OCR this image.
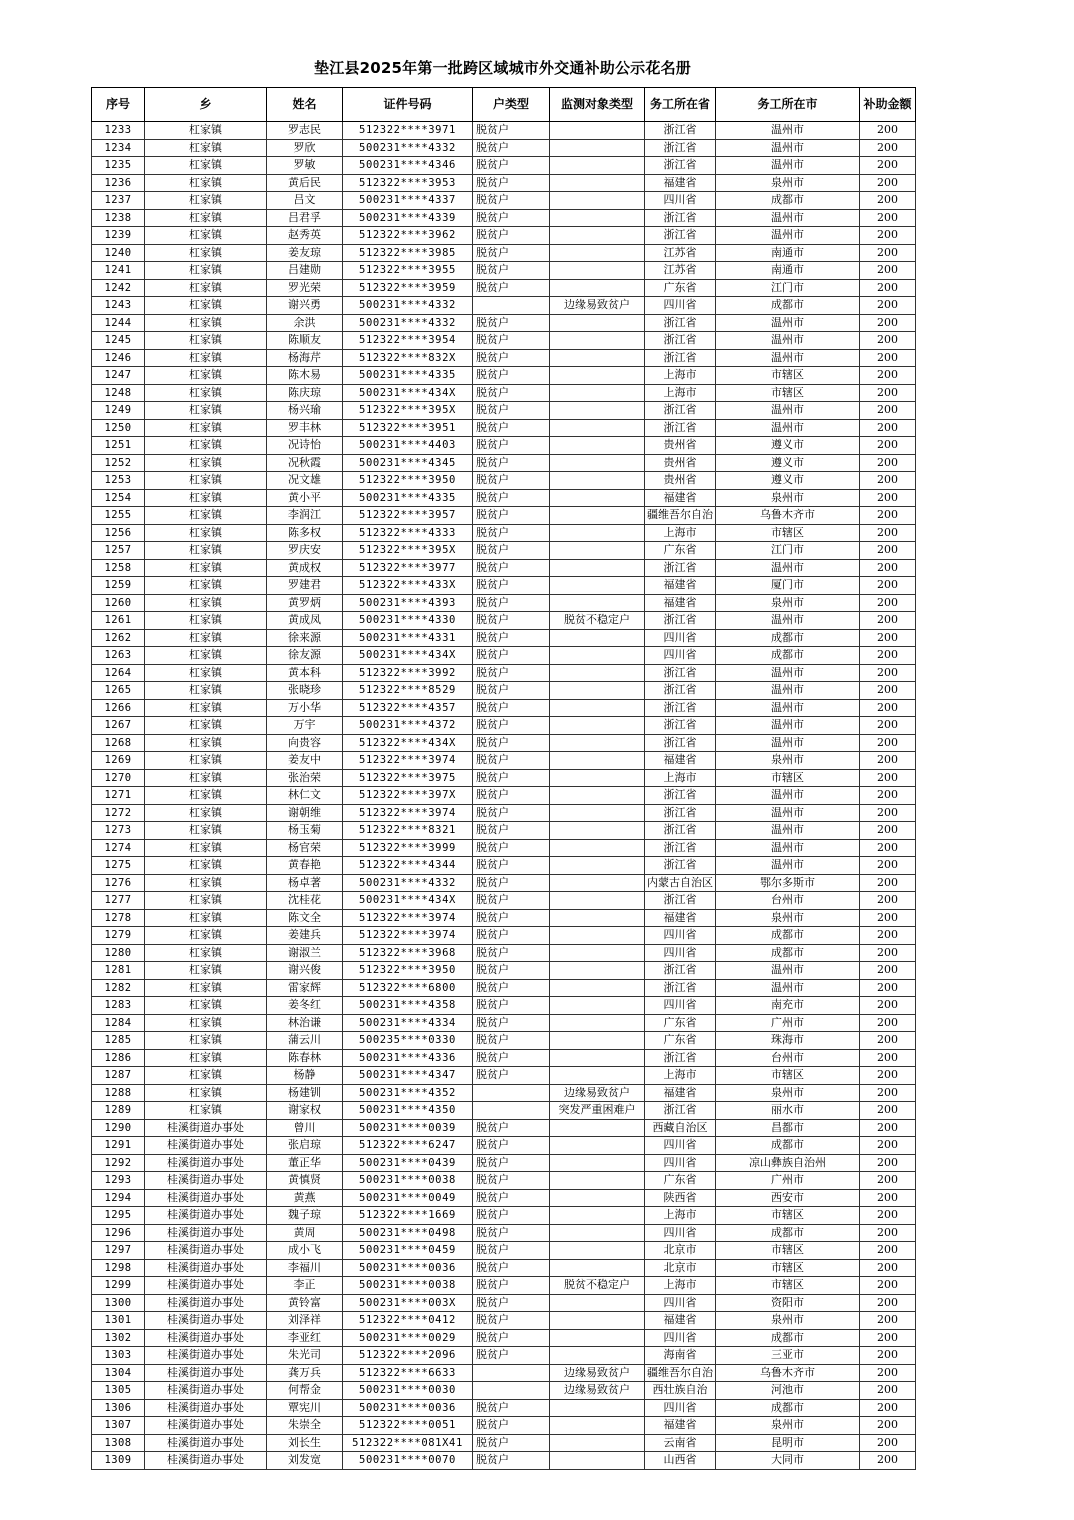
垫江县2025年第一批跨区域城市外交通补助公示花名册
序号	乡	姓名	证件号码	户类型	监测对象类型	务工所在省	务工所在市	补助金额
1233	杠家镇	罗志民	512322****3971	脱贫户		浙江省	温州市	200
1234	杠家镇	罗欣	500231****4332	脱贫户		浙江省	温州市	200
1235	杠家镇	罗敏	500231****4346	脱贫户		浙江省	温州市	200
1236	杠家镇	黄后民	512322****3953	脱贫户		福建省	泉州市	200
1237	杠家镇	吕文	500231****4337	脱贫户		四川省	成都市	200
1238	杠家镇	吕君孚	500231****4339	脱贫户		浙江省	温州市	200
1239	杠家镇	赵秀英	512322****3962	脱贫户		浙江省	温州市	200
1240	杠家镇	姜友琼	512322****3985	脱贫户		江苏省	南通市	200
1241	杠家镇	吕建勋	512322****3955	脱贫户		江苏省	南通市	200
1242	杠家镇	罗光荣	512322****3959	脱贫户		广东省	江门市	200
1243	杠家镇	谢兴勇	500231****4332		边缘易致贫户	四川省	成都市	200
1244	杠家镇	余洪	500231****4332	脱贫户		浙江省	温州市	200
1245	杠家镇	陈顺友	512322****3954	脱贫户		浙江省	温州市	200
1246	杠家镇	杨海芹	512322****832X	脱贫户		浙江省	温州市	200
1247	杠家镇	陈木易	500231****4335	脱贫户		上海市	市辖区	200
1248	杠家镇	陈庆琼	500231****434X	脱贫户		上海市	市辖区	200
1249	杠家镇	杨兴瑜	512322****395X	脱贫户		浙江省	温州市	200
1250	杠家镇	罗丰林	512322****3951	脱贫户		浙江省	温州市	200
1251	杠家镇	况诗怡	500231****4403	脱贫户		贵州省	遵义市	200
1252	杠家镇	况秋霞	500231****4345	脱贫户		贵州省	遵义市	200
1253	杠家镇	况文雄	512322****3950	脱贫户		贵州省	遵义市	200
1254	杠家镇	黄小平	500231****4335	脱贫户		福建省	泉州市	200
1255	杠家镇	李润江	512322****3957	脱贫户		疆维吾尔自治	乌鲁木齐市	200
1256	杠家镇	陈多权	512322****4333	脱贫户		上海市	市辖区	200
1257	杠家镇	罗庆安	512322****395X	脱贫户		广东省	江门市	200
1258	杠家镇	黄成权	512322****3977	脱贫户		浙江省	温州市	200
1259	杠家镇	罗建君	512322****433X	脱贫户		福建省	厦门市	200
1260	杠家镇	黄罗炳	500231****4393	脱贫户		福建省	泉州市	200
1261	杠家镇	黄成凤	500231****4330	脱贫户	脱贫不稳定户	浙江省	温州市	200
1262	杠家镇	徐来源	500231****4331	脱贫户		四川省	成都市	200
1263	杠家镇	徐友源	500231****434X	脱贫户		四川省	成都市	200
1264	杠家镇	黄本科	512322****3992	脱贫户		浙江省	温州市	200
1265	杠家镇	张晓珍	512322****8529	脱贫户		浙江省	温州市	200
1266	杠家镇	万小华	512322****4357	脱贫户		浙江省	温州市	200
1267	杠家镇	万宇	500231****4372	脱贫户		浙江省	温州市	200
1268	杠家镇	向贵容	512322****434X	脱贫户		浙江省	温州市	200
1269	杠家镇	姜友中	512322****3974	脱贫户		福建省	泉州市	200
1270	杠家镇	张治荣	512322****3975	脱贫户		上海市	市辖区	200
1271	杠家镇	林仁文	512322****397X	脱贫户		浙江省	温州市	200
1272	杠家镇	谢朝维	512322****3974	脱贫户		浙江省	温州市	200
1273	杠家镇	杨玉菊	512322****8321	脱贫户		浙江省	温州市	200
1274	杠家镇	杨官荣	512322****3999	脱贫户		浙江省	温州市	200
1275	杠家镇	黄春艳	512322****4344	脱贫户		浙江省	温州市	200
1276	杠家镇	杨卓著	500231****4332	脱贫户		内蒙古自治区	鄂尔多斯市	200
1277	杠家镇	沈桂花	500231****434X	脱贫户		浙江省	台州市	200
1278	杠家镇	陈文全	512322****3974	脱贫户		福建省	泉州市	200
1279	杠家镇	姜建兵	512322****3974	脱贫户		四川省	成都市	200
1280	杠家镇	谢淑兰	512322****3968	脱贫户		四川省	成都市	200
1281	杠家镇	谢兴俊	512322****3950	脱贫户		浙江省	温州市	200
1282	杠家镇	雷家辉	512322****6800	脱贫户		浙江省	温州市	200
1283	杠家镇	姜冬红	500231****4358	脱贫户		四川省	南充市	200
1284	杠家镇	林治谦	500231****4334	脱贫户		广东省	广州市	200
1285	杠家镇	蒲云川	500235****0330	脱贫户		广东省	珠海市	200
1286	杠家镇	陈春林	500231****4336	脱贫户		浙江省	台州市	200
1287	杠家镇	杨静	500231****4347	脱贫户		上海市	市辖区	200
1288	杠家镇	杨建钏	500231****4352		边缘易致贫户	福建省	泉州市	200
1289	杠家镇	谢家权	500231****4350		突发严重困难户	浙江省	丽水市	200
1290	桂溪街道办事处	曾川	500231****0039	脱贫户		西藏自治区	昌都市	200
1291	桂溪街道办事处	张启琼	512322****6247	脱贫户		四川省	成都市	200
1292	桂溪街道办事处	董正华	500231****0439	脱贫户		四川省	凉山彝族自治州	200
1293	桂溪街道办事处	黄慎贤	500231****0038	脱贫户		广东省	广州市	200
1294	桂溪街道办事处	黄燕	500231****0049	脱贫户		陕西省	西安市	200
1295	桂溪街道办事处	魏子琼	512322****1669	脱贫户		上海市	市辖区	200
1296	桂溪街道办事处	黄周	500231****0498	脱贫户		四川省	成都市	200
1297	桂溪街道办事处	成小飞	500231****0459	脱贫户		北京市	市辖区	200
1298	桂溪街道办事处	李福川	500231****0036	脱贫户		北京市	市辖区	200
1299	桂溪街道办事处	李正	500231****0038	脱贫户	脱贫不稳定户	上海市	市辖区	200
1300	桂溪街道办事处	黄铃富	500231****003X	脱贫户		四川省	资阳市	200
1301	桂溪街道办事处	刘泽祥	512322****0412	脱贫户		福建省	泉州市	200
1302	桂溪街道办事处	李亚红	500231****0029	脱贫户		四川省	成都市	200
1303	桂溪街道办事处	朱光司	512322****2096	脱贫户		海南省	三亚市	200
1304	桂溪街道办事处	龚万兵	512322****6633		边缘易致贫户	疆维吾尔自治	乌鲁木齐市	200
1305	桂溪街道办事处	何帮金	500231****0030		边缘易致贫户	西壮族自治	河池市	200
1306	桂溪街道办事处	覃宪川	500231****0036	脱贫户		四川省	成都市	200
1307	桂溪街道办事处	朱崇全	512322****0051	脱贫户		福建省	泉州市	200
1308	桂溪街道办事处	刘长生	512322****081X41	脱贫户		云南省	昆明市	200
1309	桂溪街道办事处	刘发宽	500231****0070	脱贫户		山西省	大同市	200
